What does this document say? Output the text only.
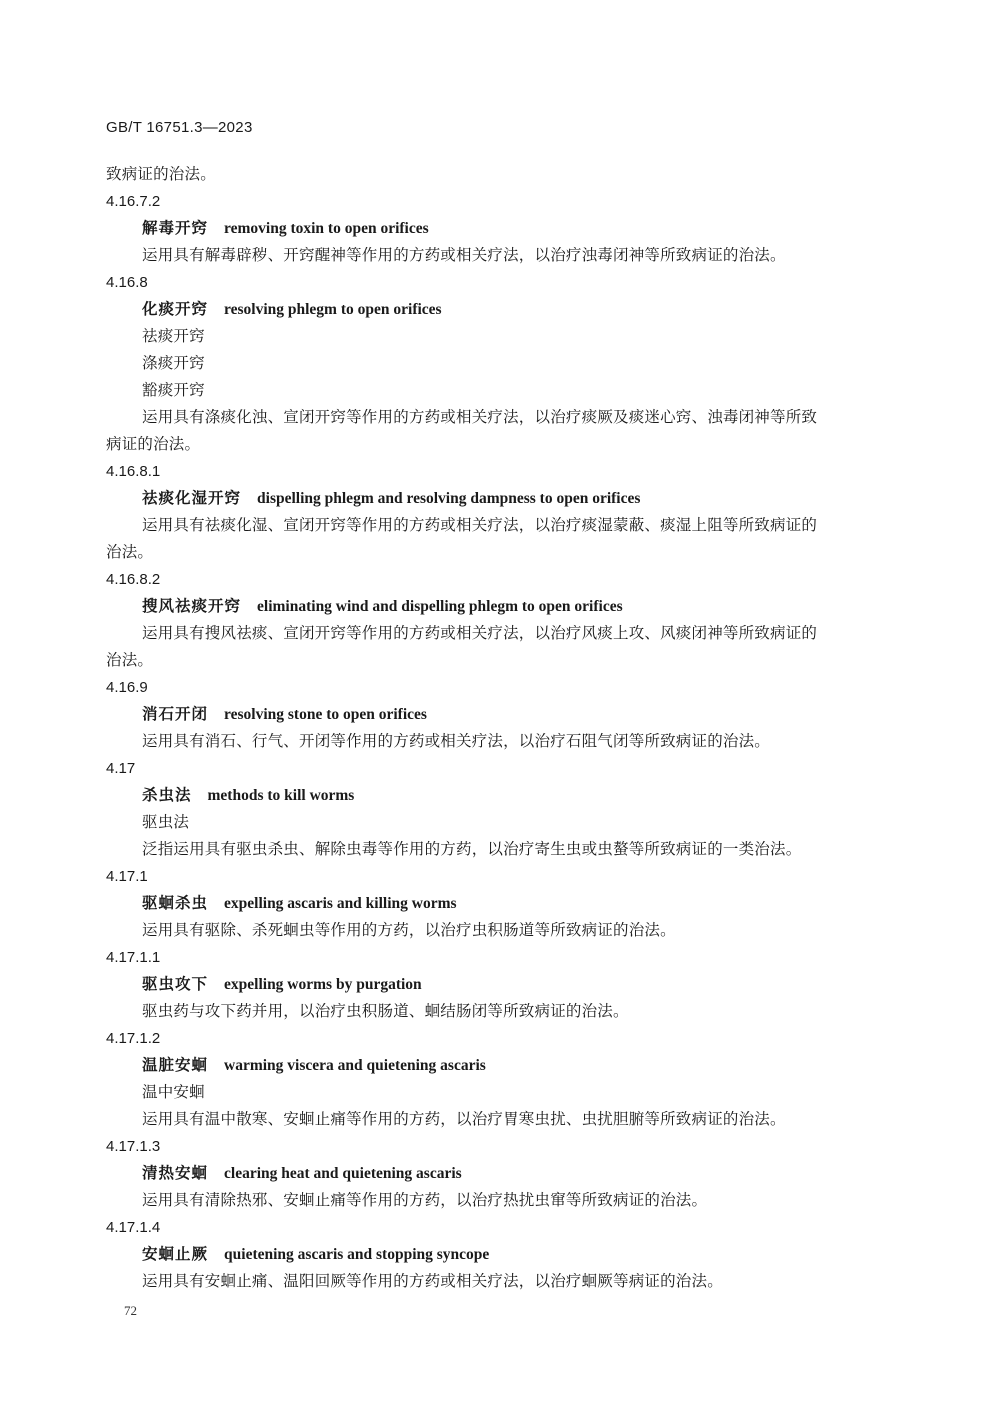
GB/T 16751.3—2023
致病证的治法。
4.16.7.2
解毒开窍 removing toxin to open orifices
运用具有解毒辟秽、开窍醒神等作用的方药或相关疗法，以治疗浊毒闭神等所致病证的治法。
4.16.8
化痰开窍 resolving phlegm to open orifices
祛痰开窍
涤痰开窍
豁痰开窍
运用具有涤痰化浊、宣闭开窍等作用的方药或相关疗法，以治疗痰厥及痰迷心窍、浊毒闭神等所致
病证的治法。
4.16.8.1
祛痰化湿开窍 dispelling phlegm and resolving dampness to open orifices
运用具有祛痰化湿、宣闭开窍等作用的方药或相关疗法，以治疗痰湿蒙蔽、痰湿上阻等所致病证的
治法。
4.16.8.2
搜风祛痰开窍 eliminating wind and dispelling phlegm to open orifices
运用具有搜风祛痰、宣闭开窍等作用的方药或相关疗法，以治疗风痰上攻、风痰闭神等所致病证的
治法。
4.16.9
消石开闭 resolving stone to open orifices
运用具有消石、行气、开闭等作用的方药或相关疗法，以治疗石阻气闭等所致病证的治法。
4.17
杀虫法 methods to kill worms
驱虫法
泛指运用具有驱虫杀虫、解除虫毒等作用的方药，以治疗寄生虫或虫螯等所致病证的一类治法。
4.17.1
驱蛔杀虫 expelling ascaris and killing worms
运用具有驱除、杀死蛔虫等作用的方药，以治疗虫积肠道等所致病证的治法。
4.17.1.1
驱虫攻下 expelling worms by purgation
驱虫药与攻下药并用，以治疗虫积肠道、蛔结肠闭等所致病证的治法。
4.17.1.2
温脏安蛔 warming viscera and quietening ascaris
温中安蛔
运用具有温中散寒、安蛔止痛等作用的方药，以治疗胃寒虫扰、虫扰胆腑等所致病证的治法。
4.17.1.3
清热安蛔 clearing heat and quietening ascaris
运用具有清除热邪、安蛔止痛等作用的方药，以治疗热扰虫窜等所致病证的治法。
4.17.1.4
安蛔止厥 quietening ascaris and stopping syncope
运用具有安蛔止痛、温阳回厥等作用的方药或相关疗法，以治疗蛔厥等病证的治法。
72
